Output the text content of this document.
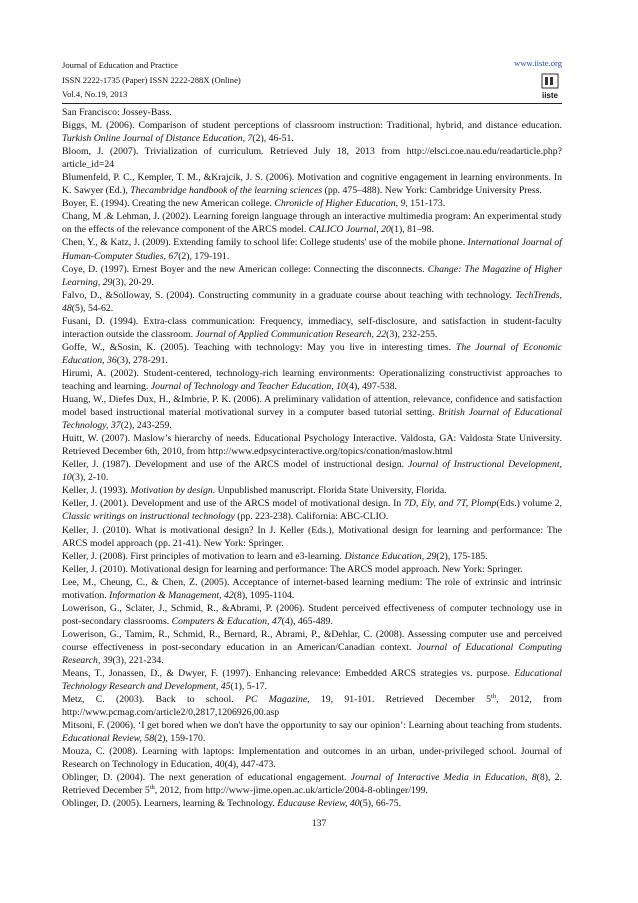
Journal of Education and Practice
ISSN 2222-1735 (Paper) ISSN 2222-288X (Online)
Vol.4, No.19, 2013
www.iiste.org
iiste

San Francisco: Jossey-Bass.

Biggs, M. (2006). Comparison of student perceptions of classroom instruction: Traditional, hybrid, and distance education. Turkish Online Journal of Distance Education, 7(2), 46-51.

Bloom, J. (2007). Trivialization of curriculum. Retrieved July 18, 2013 from http://elsci.coe.nau.edu/readarticle.php?article_id=24

Blumenfeld, P. C., Kempler, T. M., &Krajcik, J. S. (2006). Motivation and cognitive engagement in learning environments. In K. Sawyer (Ed.), Thecambridge handbook of the learning sciences (pp. 475–488). New York: Cambridge University Press.

Boyer, E. (1994). Creating the new American college. Chronicle of Higher Education, 9, 151-173.

Chang, M .& Lehman, J. (2002). Learning foreign language through an interactive multimedia program: An experimental study on the effects of the relevance component of the ARCS model. CALICO Journal, 20(1), 81–98.

Chen, Y., & Katz, J. (2009). Extending family to school life: College students' use of the mobile phone. International Journal of Human-Computer Studies, 67(2), 179-191.

Coye, D. (1997). Ernest Boyer and the new American college: Connecting the disconnects. Change: The Magazine of Higher Learning, 29(3), 20-29.

Falvo, D., &Solloway, S. (2004). Constructing community in a graduate course about teaching with technology. TechTrends, 48(5), 54-62.

Fusani, D. (1994). Extra-class communication: Frequency, immediacy, self-disclosure, and satisfaction in student-faculty interaction outside the classroom. Journal of Applied Communication Research, 22(3), 232-255.

Goffe, W., &Sosin, K. (2005). Teaching with technology: May you live in interesting times. The Journal of Economic Education, 36(3), 278-291.

Hirumi, A. (2002). Student-centered, technology-rich learning environments: Operationalizing constructivist approaches to teaching and learning. Journal of Technology and Teacher Education, 10(4), 497-538.

Huang, W., Diefes Dux, H., &Imbrie, P. K. (2006). A preliminary validation of attention, relevance, confidence and satisfaction model based instructional material motivational survey in a computer based tutorial setting. British Journal of Educational Technology, 37(2), 243-259.

Huitt, W. (2007). Maslow’s hierarchy of needs. Educational Psychology Interactive. Valdosta, GA: Valdosta State University. Retrieved December 6th, 2010, from http://www.edpsycinteractive.org/topics/conation/maslow.html

Keller, J. (1987). Development and use of the ARCS model of instructional design. Journal of Instructional Development, 10(3), 2-10.

Keller, J. (1993). Motivation by design. Unpublished manuscript. Florida State University, Florida.

Keller, J. (2001). Development and use of the ARCS model of motivational design. In 7D, Ely, and 7T, Plomp(Eds.) volume 2, Classic writings on instructional technology (pp. 223-238). California: ABC-CLIO.

Keller, J. (2010). What is motivational design? In J. Keller (Eds.), Motivational design for learning and performance: The ARCS model approach (pp. 21-41). New York: Springer.

Keller, J. (2008). First principles of motivation to learn and e3-learning. Distance Education, 29(2), 175-185.

Keller, J. (2010). Motivational design for learning and performance: The ARCS model approach. New York: Springer.

Lee, M., Cheung, C., & Chen, Z. (2005). Acceptance of internet-based learning medium: The role of extrinsic and intrinsic motivation. Information & Management, 42(8), 1095-1104.

Lowerison, G., Sclater, J., Schmid, R., &Abrami, P. (2006). Student perceived effectiveness of computer technology use in post-secondary classrooms. Computers & Education, 47(4), 465-489.

Lowerison, G., Tamim, R., Schmid, R., Bernard, R., Abrami, P., &Dehlar, C. (2008). Assessing computer use and perceived course effectiveness in post-secondary education in an American/Canadian context. Journal of Educational Computing Research, 39(3), 221-234.

Means, T., Jonassen, D., & Dwyer, F. (1997). Enhancing relevance: Embedded ARCS strategies vs. purpose. Educational Technology Research and Development, 45(1), 5-17.

Metz, C. (2003). Back to school. PC Magazine, 19, 91-101. Retrieved December 5th, 2012, from http://www.pcmag.com/article2/0,2817,1206926,00.asp

Mitsoni, F. (2006). ‘I get bored when we don't have the opportunity to say our opinion’: Learning about teaching from students. Educational Review, 58(2), 159-170.

Mouza, C. (2008). Learning with laptops: Implementation and outcomes in an urban, under-privileged school. Journal of Research on Technology in Education, 40(4), 447-473.

Oblinger, D. (2004). The next generation of educational engagement. Journal of Interactive Media in Education, 8(8), 2. Retrieved December 5th, 2012, from http://www-jime.open.ac.uk/article/2004-8-oblinger/199.

Oblinger, D. (2005). Learners, learning & Technology. Educause Review, 40(5), 66-75.

137
